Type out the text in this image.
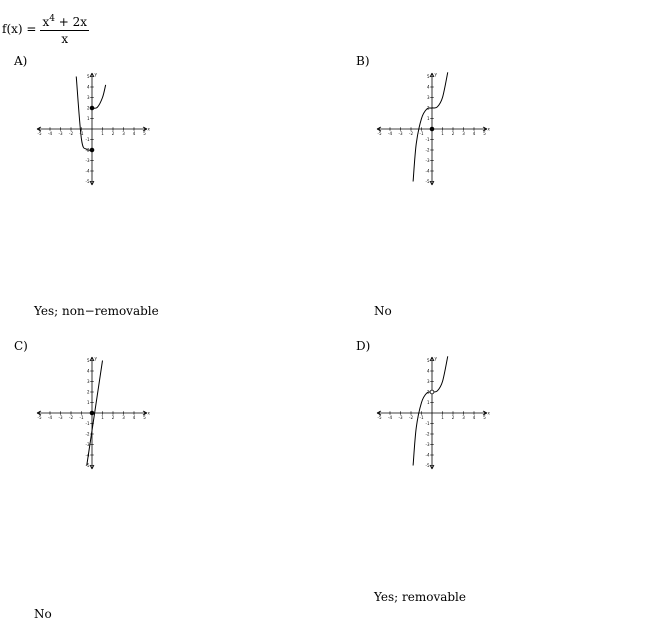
$f(x) = \frac{x^4 + 2x}{x}$
A)	B)
C)	D)
-5 -4 -3 -2 -1	1 2 3 4 5
5
4
3
2
1
-1
-2
-3
-4
-5
x
y
-5 -4 -3 -2 -1	1 2 3 4 5
5
4
3
2
1
-1
-2
-3
-4
-5
x
y
-5 -4 -3 -2 -1	1 2 3 4 5
5
4
3
2
1
-1
-2
-3
-4
-5
x
y
-5 -4 -3 -2 -1	1 2 3 4 5
5
4
3
2
1
-1
-2
-3
-4
-5
x
y
Yes; non−removable	No
No
Yes; removable
